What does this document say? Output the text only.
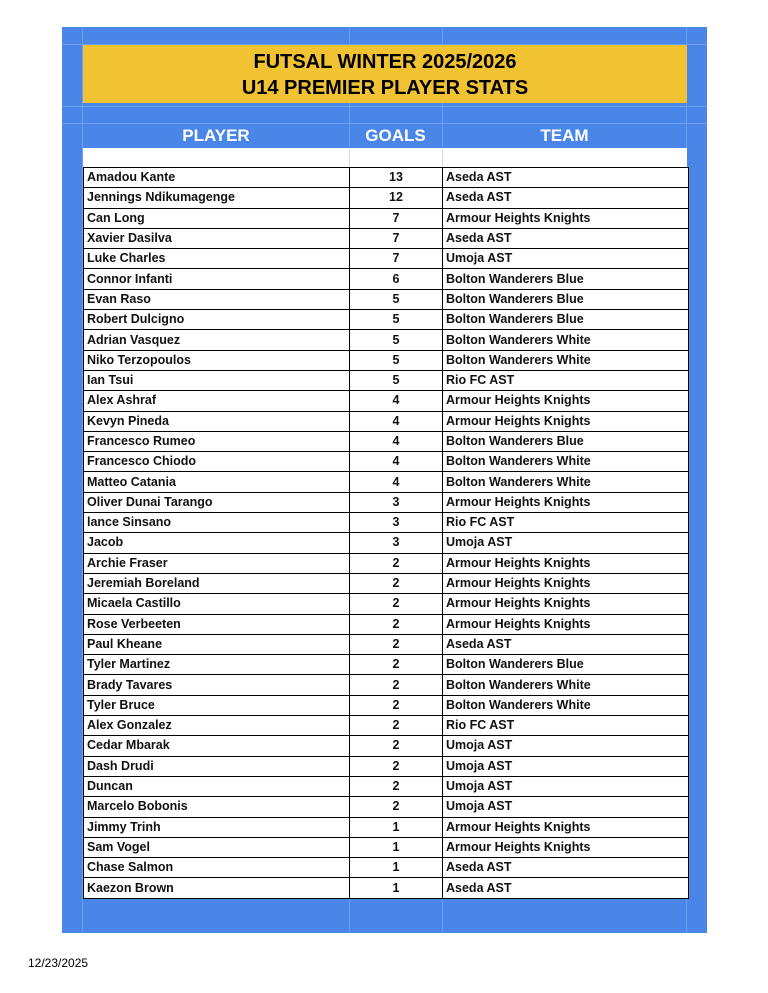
FUTSAL WINTER 2025/2026
U14 PREMIER PLAYER STATS
PLAYER	GOALS	TEAM
Amadou Kante	13	Aseda AST
Jennings Ndikumagenge	12	Aseda AST
Can Long	7	Armour Heights Knights
Xavier Dasilva	7	Aseda AST
Luke Charles	7	Umoja AST
Connor Infanti	6	Bolton Wanderers Blue
Evan Raso	5	Bolton Wanderers Blue
Robert Dulcigno	5	Bolton Wanderers Blue
Adrian Vasquez	5	Bolton Wanderers White
Niko Terzopoulos	5	Bolton Wanderers White
Ian Tsui	5	Rio FC AST
Alex Ashraf	4	Armour Heights Knights
Kevyn Pineda	4	Armour Heights Knights
Francesco Rumeo	4	Bolton Wanderers Blue
Francesco Chiodo	4	Bolton Wanderers White
Matteo Catania	4	Bolton Wanderers White
Oliver Dunai Tarango	3	Armour Heights Knights
lance Sinsano	3	Rio FC AST
Jacob	3	Umoja AST
Archie Fraser	2	Armour Heights Knights
Jeremiah Boreland	2	Armour Heights Knights
Micaela Castillo	2	Armour Heights Knights
Rose Verbeeten	2	Armour Heights Knights
Paul Kheane	2	Aseda AST
Tyler Martinez	2	Bolton Wanderers Blue
Brady Tavares	2	Bolton Wanderers White
Tyler Bruce	2	Bolton Wanderers White
Alex Gonzalez	2	Rio FC AST
Cedar Mbarak	2	Umoja AST
Dash Drudi	2	Umoja AST
Duncan	2	Umoja AST
Marcelo Bobonis	2	Umoja AST
Jimmy Trinh	1	Armour Heights Knights
Sam Vogel	1	Armour Heights Knights
Chase Salmon	1	Aseda AST
Kaezon Brown	1	Aseda AST
12/23/2025
